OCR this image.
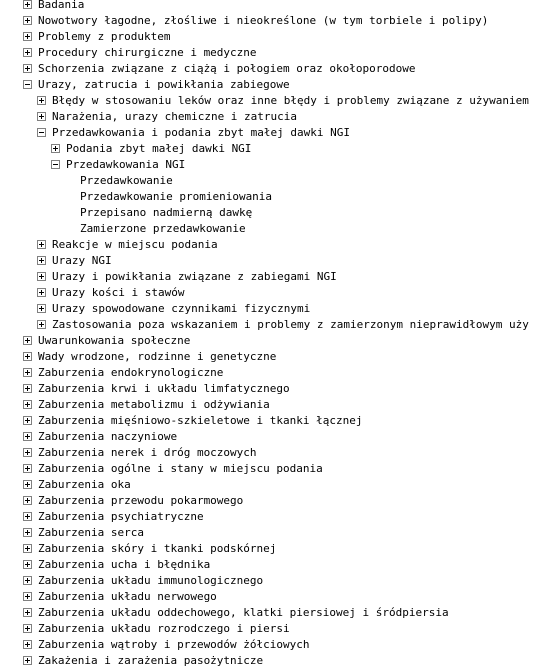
Badania
Nowotwory łagodne, złośliwe i nieokreślone (w tym torbiele i polipy)
Problemy z produktem
Procedury chirurgiczne i medyczne
Schorzenia związane z ciążą i połogiem oraz okołoporodowe
Urazy, zatrucia i powikłania zabiegowe
Błędy w stosowaniu leków oraz inne błędy i problemy związane z używaniem
Narażenia, urazy chemiczne i zatrucia
Przedawkowania i podania zbyt małej dawki NGI
Podania zbyt małej dawki NGI
Przedawkowania NGI
Przedawkowanie
Przedawkowanie promieniowania
Przepisano nadmierną dawkę
Zamierzone przedawkowanie
Reakcje w miejscu podania
Urazy NGI
Urazy i powikłania związane z zabiegami NGI
Urazy kości i stawów
Urazy spowodowane czynnikami fizycznymi
Zastosowania poza wskazaniem i problemy z zamierzonym nieprawidłowym uży
Uwarunkowania społeczne
Wady wrodzone, rodzinne i genetyczne
Zaburzenia endokrynologiczne
Zaburzenia krwi i układu limfatycznego
Zaburzenia metabolizmu i odżywiania
Zaburzenia mięśniowo-szkieletowe i tkanki łącznej
Zaburzenia naczyniowe
Zaburzenia nerek i dróg moczowych
Zaburzenia ogólne i stany w miejscu podania
Zaburzenia oka
Zaburzenia przewodu pokarmowego
Zaburzenia psychiatryczne
Zaburzenia serca
Zaburzenia skóry i tkanki podskórnej
Zaburzenia ucha i błędnika
Zaburzenia układu immunologicznego
Zaburzenia układu nerwowego
Zaburzenia układu oddechowego, klatki piersiowej i śródpiersia
Zaburzenia układu rozrodczego i piersi
Zaburzenia wątroby i przewodów żółciowych
Zakażenia i zarażenia pasożytnicze
